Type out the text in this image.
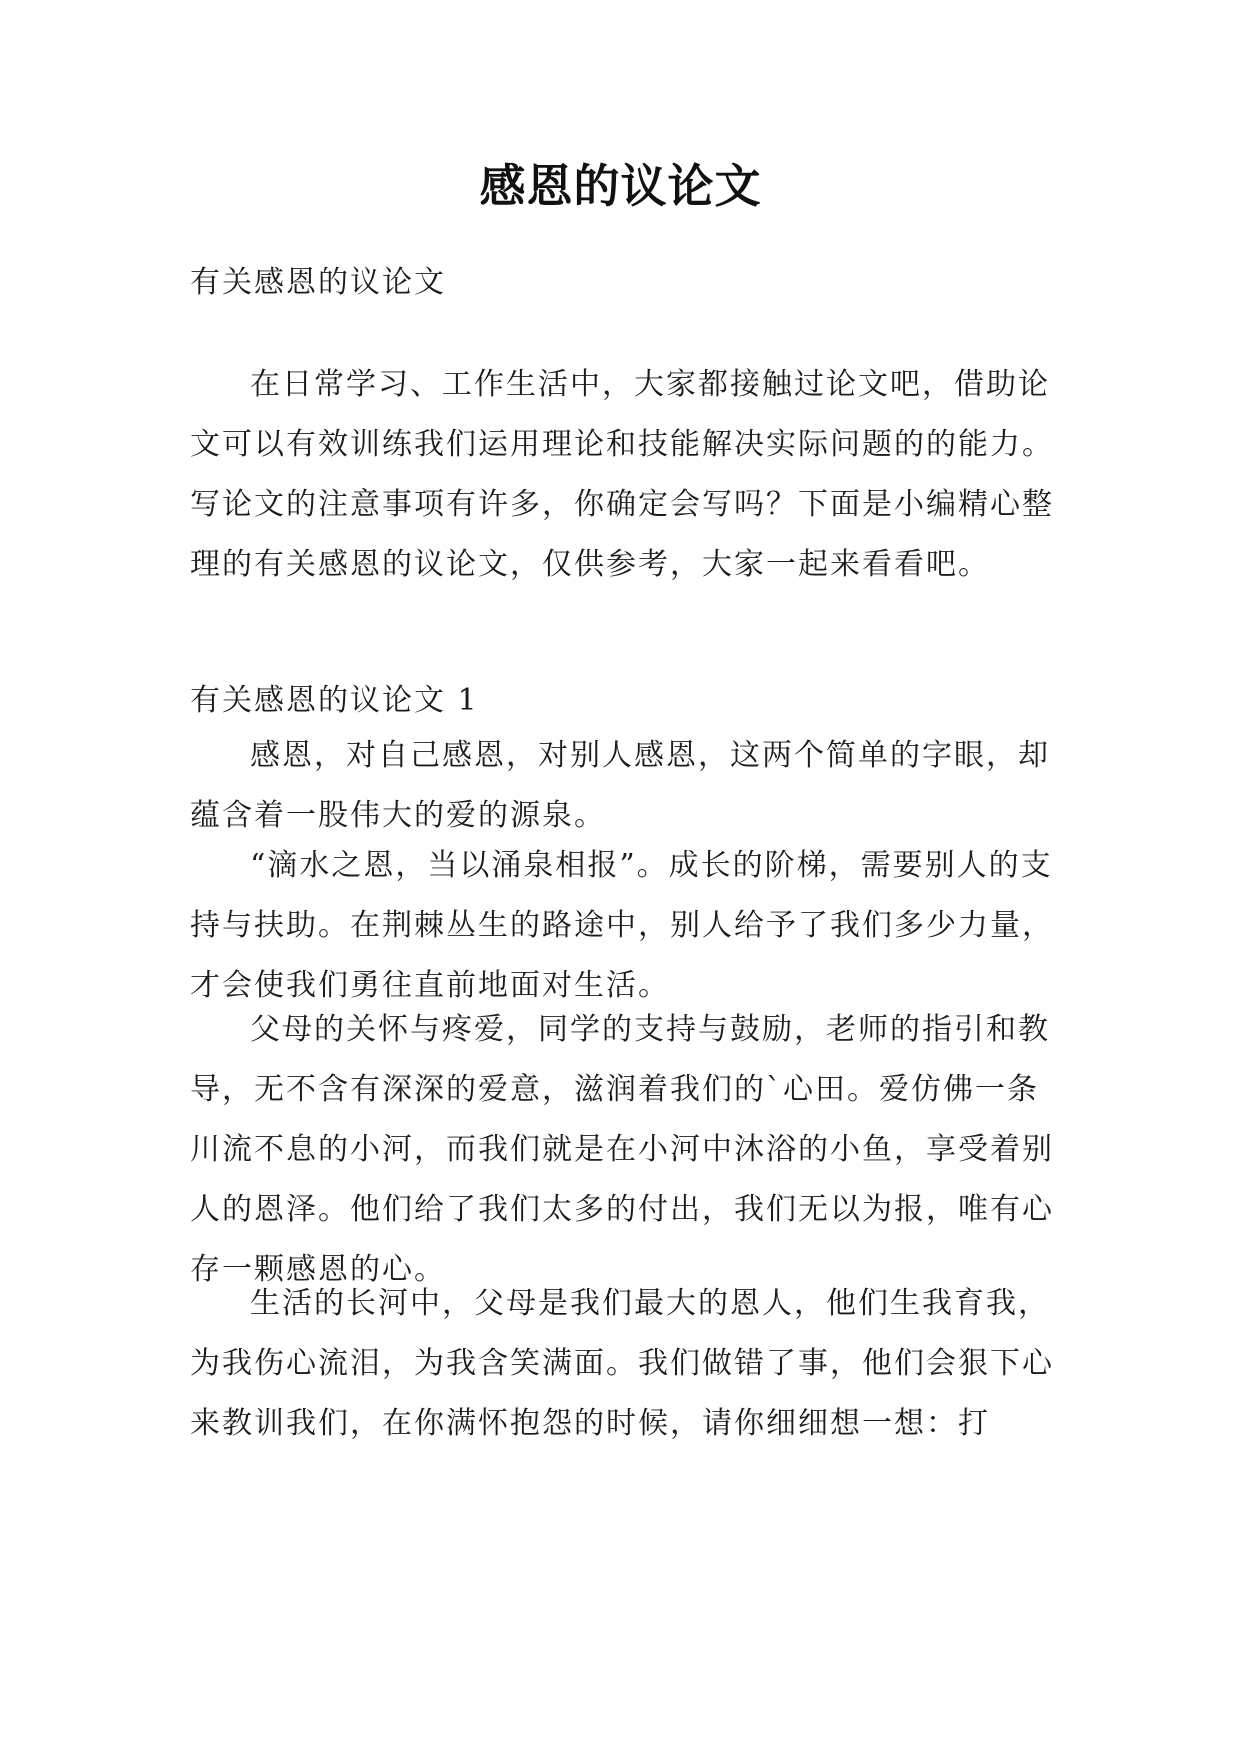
感恩的议论文

有关感恩的议论文

在日常学习、工作生活中，大家都接触过论文吧，借助论文可以有效训练我们运用理论和技能解决实际问题的的能力。写论文的注意事项有许多，你确定会写吗？下面是小编精心整理的有关感恩的议论文，仅供参考，大家一起来看看吧。

有关感恩的议论文 1

感恩，对自己感恩，对别人感恩，这两个简单的字眼，却蕴含着一股伟大的爱的源泉。

“滴水之恩，当以涌泉相报”。成长的阶梯，需要别人的支持与扶助。在荆棘丛生的路途中，别人给予了我们多少力量，才会使我们勇往直前地面对生活。

父母的关怀与疼爱，同学的支持与鼓励，老师的指引和教导，无不含有深深的爱意，滋润着我们的`心田。爱仿佛一条川流不息的小河，而我们就是在小河中沐浴的小鱼，享受着别人的恩泽。他们给了我们太多的付出，我们无以为报，唯有心存一颗感恩的心。

生活的长河中，父母是我们最大的恩人，他们生我育我，为我伤心流泪，为我含笑满面。我们做错了事，他们会狠下心来教训我们，在你满怀抱怨的时候，请你细细想一想：打
